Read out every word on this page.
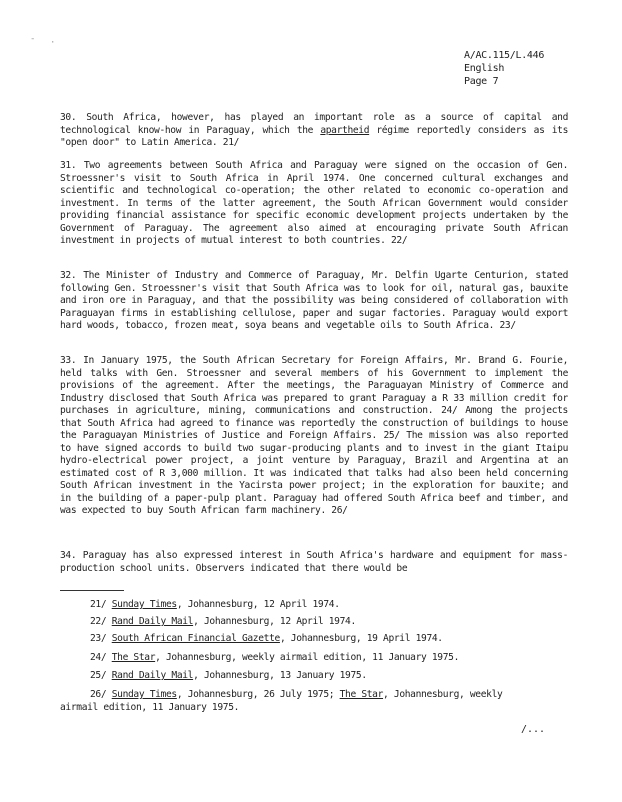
- ·
A/AC.115/L.446
English
Page 7

30. South Africa, however, has played an important role as a source of capital and technological know-how in Paraguay, which the apartheid régime reportedly considers as its "open door" to Latin America. 21/

31. Two agreements between South Africa and Paraguay were signed on the occasion of Gen. Stroessner's visit to South Africa in April 1974. One concerned cultural exchanges and scientific and technological co-operation; the other related to economic co-operation and investment. In terms of the latter agreement, the South African Government would consider providing financial assistance for specific economic development projects undertaken by the Government of Paraguay. The agreement also aimed at encouraging private South African investment in projects of mutual interest to both countries. 22/

32. The Minister of Industry and Commerce of Paraguay, Mr. Delfin Ugarte Centurion, stated following Gen. Stroessner's visit that South Africa was to look for oil, natural gas, bauxite and iron ore in Paraguay, and that the possibility was being considered of collaboration with Paraguayan firms in establishing cellulose, paper and sugar factories. Paraguay would export hard woods, tobacco, frozen meat, soya beans and vegetable oils to South Africa. 23/

33. In January 1975, the South African Secretary for Foreign Affairs, Mr. Brand G. Fourie, held talks with Gen. Stroessner and several members of his Government to implement the provisions of the agreement. After the meetings, the Paraguayan Ministry of Commerce and Industry disclosed that South Africa was prepared to grant Paraguay a R 33 million credit for purchases in agriculture, mining, communications and construction. 24/ Among the projects that South Africa had agreed to finance was reportedly the construction of buildings to house the Paraguayan Ministries of Justice and Foreign Affairs. 25/ The mission was also reported to have signed accords to build two sugar-producing plants and to invest in the giant Itaipu hydro-electrical power project, a joint venture by Paraguay, Brazil and Argentina at an estimated cost of R 3,000 million. It was indicated that talks had also been held concerning South African investment in the Yacirsta power project; in the exploration for bauxite; and in the building of a paper-pulp plant. Paraguay had offered South Africa beef and timber, and was expected to buy South African farm machinery. 26/

34. Paraguay has also expressed interest in South Africa's hardware and equipment for mass-production school units. Observers indicated that there would be

21/ Sunday Times, Johannesburg, 12 April 1974.
22/ Rand Daily Mail, Johannesburg, 12 April 1974.
23/ South African Financial Gazette, Johannesburg, 19 April 1974.
24/ The Star, Johannesburg, weekly airmail edition, 11 January 1975.
25/ Rand Daily Mail, Johannesburg, 13 January 1975.
26/ Sunday Times, Johannesburg, 26 July 1975; The Star, Johannesburg, weekly
airmail edition, 11 January 1975.
/...
